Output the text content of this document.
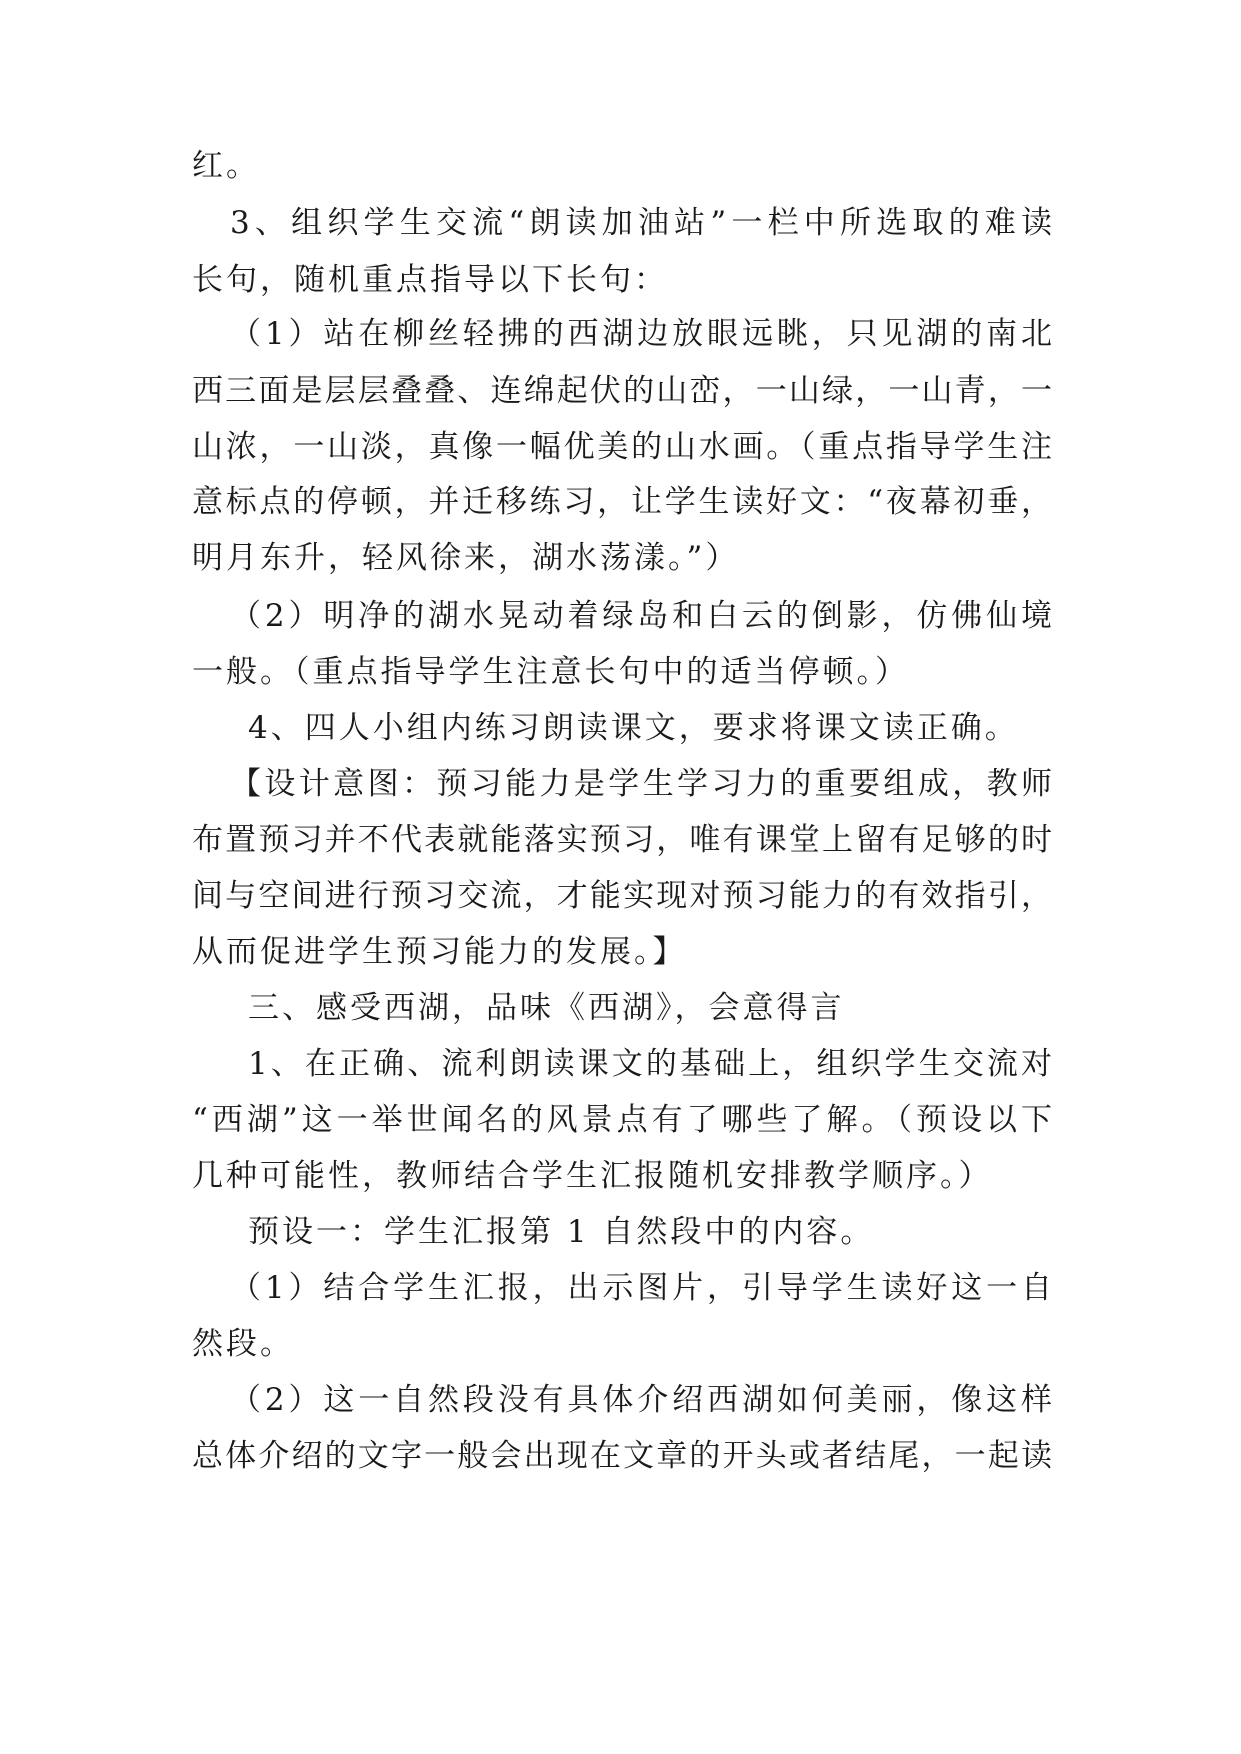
红。
3、组织学生交流“朗读加油站”一栏中所选取的难读
长句，随机重点指导以下长句：
（1）站在柳丝轻拂的西湖边放眼远眺，只见湖的南北
西三面是层层叠叠、连绵起伏的山峦，一山绿，一山青，一
山浓，一山淡，真像一幅优美的山水画。（重点指导学生注
意标点的停顿，并迁移练习，让学生读好文：“夜幕初垂，
明月东升，轻风徐来，湖水荡漾。”）
（2）明净的湖水晃动着绿岛和白云的倒影，仿佛仙境
一般。（重点指导学生注意长句中的适当停顿。）
4、四人小组内练习朗读课文，要求将课文读正确。
【设计意图：预习能力是学生学习力的重要组成，教师
布置预习并不代表就能落实预习，唯有课堂上留有足够的时
间与空间进行预习交流，才能实现对预习能力的有效指引，
从而促进学生预习能力的发展。】
三、感受西湖，品味《西湖》，会意得言
1、在正确、流利朗读课文的基础上，组织学生交流对
“西湖”这一举世闻名的风景点有了哪些了解。（预设以下
几种可能性，教师结合学生汇报随机安排教学顺序。）
预设一：学生汇报第 1 自然段中的内容。
（1）结合学生汇报，出示图片，引导学生读好这一自
然段。
（2）这一自然段没有具体介绍西湖如何美丽，像这样
总体介绍的文字一般会出现在文章的开头或者结尾，一起读
